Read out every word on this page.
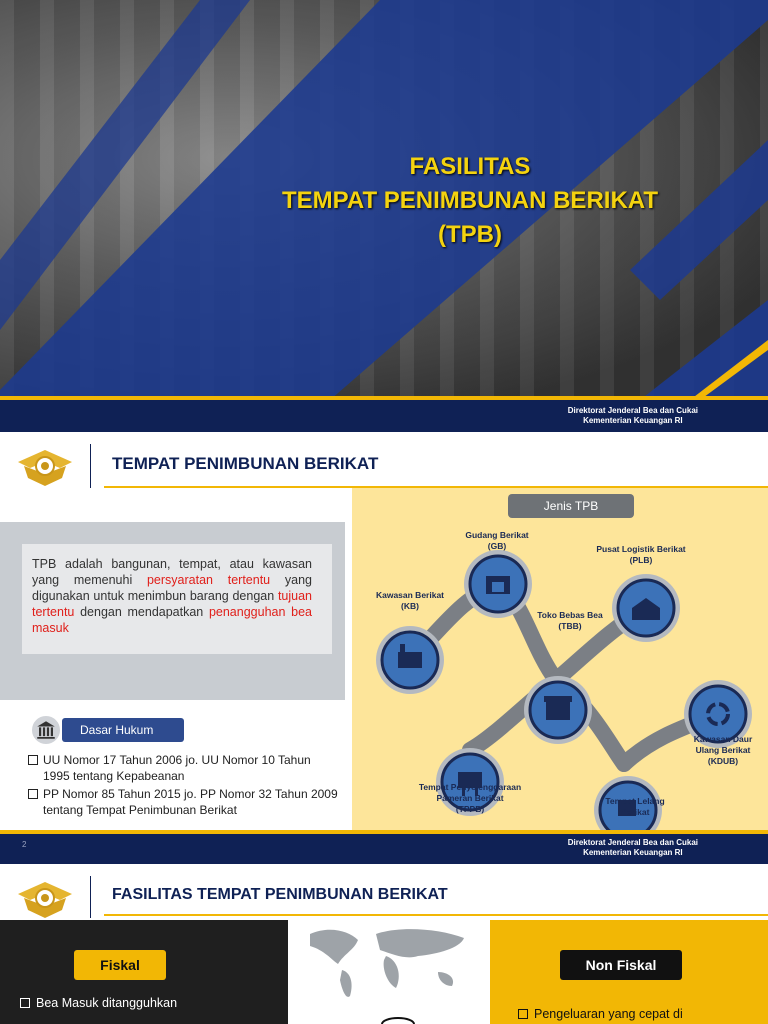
FASILITAS
TEMPAT PENIMBUNAN BERIKAT
(TPB)
Direktorat Jenderal Bea dan Cukai
Kementerian Keuangan RI
TEMPAT PENIMBUNAN BERIKAT

TPB adalah bangunan, tempat, atau kawasan yang memenuhi persyaratan tertentu yang digunakan untuk menimbun barang dengan tujuan tertentu dengan mendapatkan penangguhan bea masuk

Dasar Hukum
UU Nomor 17 Tahun 2006 jo. UU Nomor 10 Tahun 1995 tentang Kepabeanan
PP Nomor 85 Tahun 2015 jo. PP Nomor 32 Tahun 2009 tentang Tempat Penimbunan Berikat
Jenis TPB
Kawasan Berikat
(KB)
Gudang Berikat
(GB)
Toko Bebas Bea
(TBB)
Pusat Logistik Berikat
(PLB)
Kawasan Daur
Ulang Berikat
(KDUB)
Tempat Penyelenggaraan
Pameran Berikat
(TPPB)
Tempat Lelang
Berikat
2	Direktorat Jenderal Bea dan Cukai
Kementerian Keuangan RI
FASILITAS TEMPAT PENIMBUNAN BERIKAT
Fiskal	Non Fiskal
Bea Masuk ditangguhkan
Pengeluaran yang cepat di
